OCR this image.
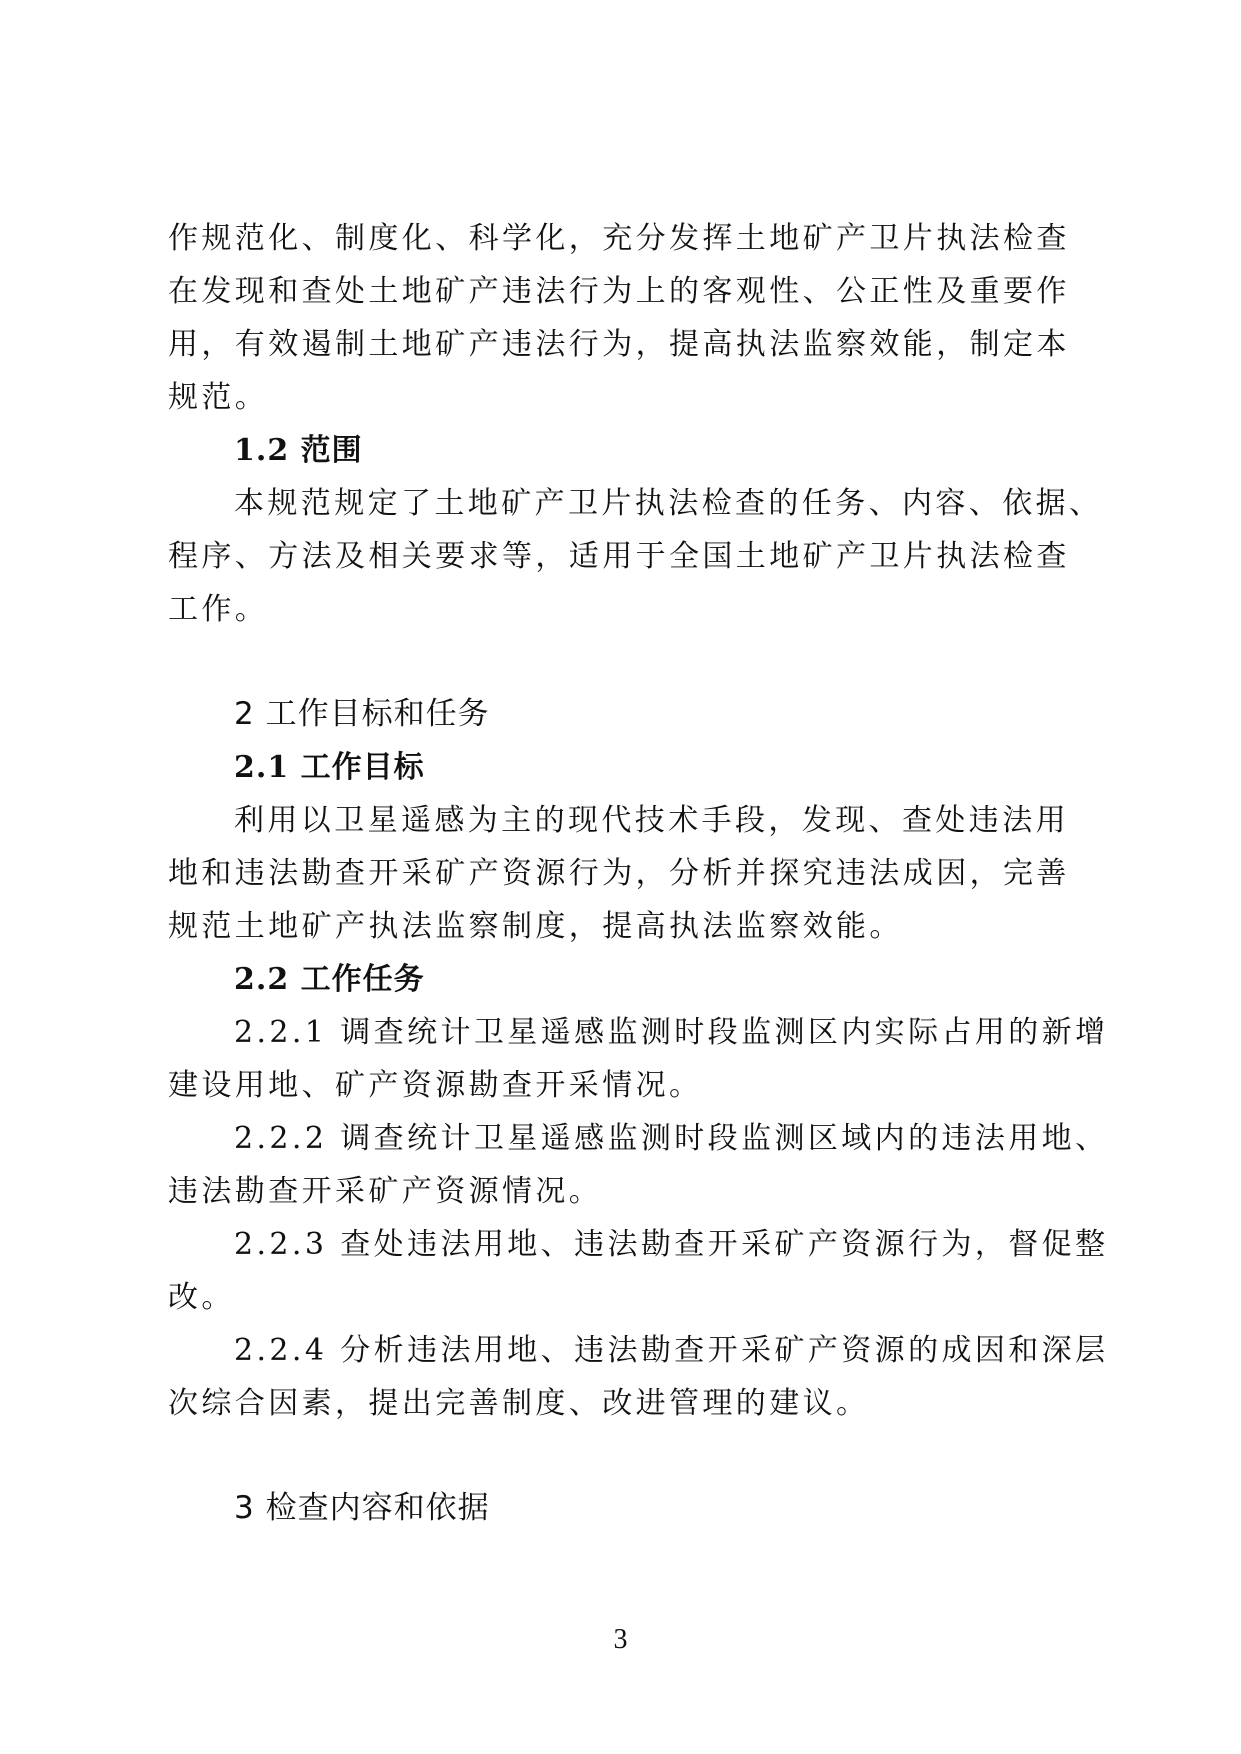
作规范化、制度化、科学化，充分发挥土地矿产卫片执法检查

在发现和查处土地矿产违法行为上的客观性、公正性及重要作

用，有效遏制土地矿产违法行为，提高执法监察效能，制定本

规范。

1.2 范围

本规范规定了土地矿产卫片执法检查的任务、内容、依据、

程序、方法及相关要求等，适用于全国土地矿产卫片执法检查

工作。

2 工作目标和任务

2.1 工作目标

利用以卫星遥感为主的现代技术手段，发现、查处违法用

地和违法勘查开采矿产资源行为，分析并探究违法成因，完善

规范土地矿产执法监察制度，提高执法监察效能。

2.2 工作任务

2.2.1 调查统计卫星遥感监测时段监测区内实际占用的新增

建设用地、矿产资源勘查开采情况。

2.2.2 调查统计卫星遥感监测时段监测区域内的违法用地、

违法勘查开采矿产资源情况。

2.2.3 查处违法用地、违法勘查开采矿产资源行为，督促整

改。

2.2.4 分析违法用地、违法勘查开采矿产资源的成因和深层

次综合因素，提出完善制度、改进管理的建议。

3 检查内容和依据

3
